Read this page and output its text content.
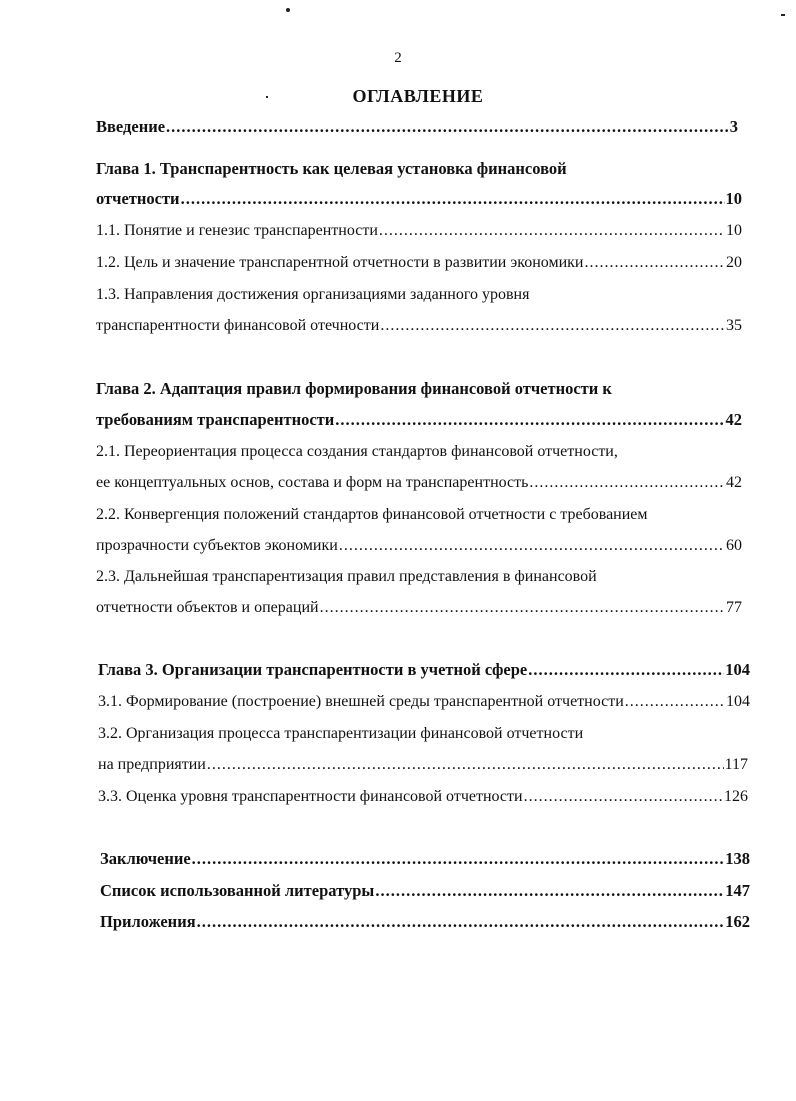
2
ОГЛАВЛЕНИЕ
Введение .....	3
Глава 1. Транспарентность как целевая установка финансовой
отчетности .....	10
1.1. Понятие и генезис транспарентности .....	10
1.2. Цель и значение транспарентной отчетности в развитии экономики .....	20
1.3. Направления достижения организациями заданного уровня
транспарентности финансовой отечности .....	35
Глава 2. Адаптация правил формирования финансовой отчетности к
требованиям транспарентности .....	42
2.1. Переориентация процесса создания стандартов финансовой отчетности,
ее концептуальных основ, состава и форм на транспарентность .....	42
2.2. Конвергенция положений стандартов финансовой отчетности с требованием
прозрачности субъектов экономики .....	60
2.3. Дальнейшая транспарентизация правил представления в финансовой
отчетности объектов и операций .....	77
Глава 3. Организации транспарентности в учетной сфере .....	104
3.1. Формирование (построение) внешней среды транспарентной отчетности .....	104
3.2. Организация процесса транспарентизации финансовой отчетности
на предприятии .....	117
3.3. Оценка уровня транспарентности финансовой отчетности .....	126
Заключение .....	138
Список использованной литературы .....	147
Приложения .....	162
